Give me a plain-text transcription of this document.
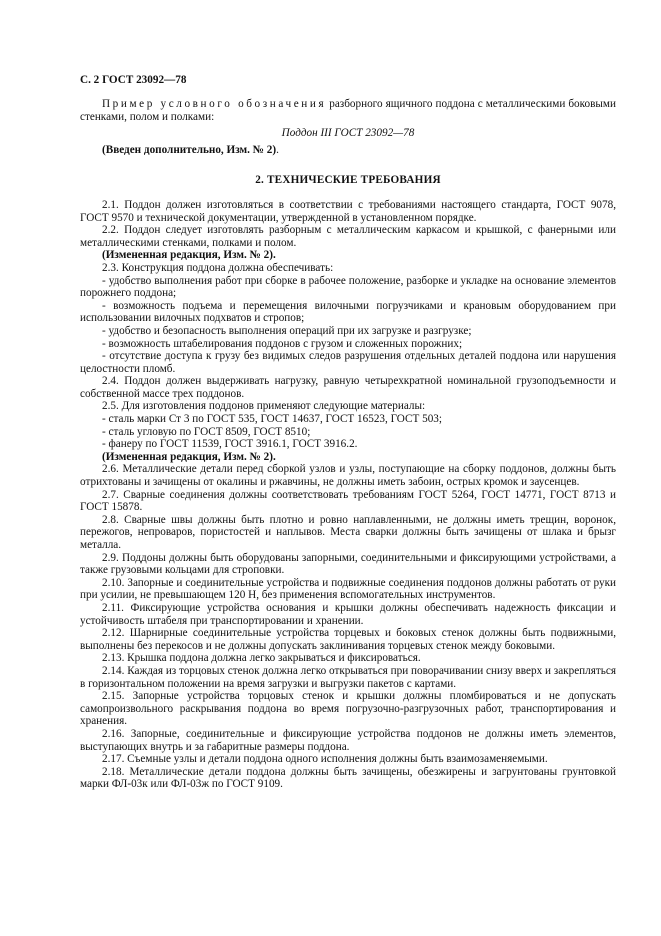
С. 2 ГОСТ 23092—78

Пример условного обозначения разборного ящичного поддона с металлическими боковыми стенками, полом и полками:

Поддон III ГОСТ 23092—78

(Введен дополнительно, Изм. № 2).

2. ТЕХНИЧЕСКИЕ ТРЕБОВАНИЯ

2.1. Поддон должен изготовляться в соответствии с требованиями настоящего стандарта, ГОСТ 9078, ГОСТ 9570 и технической документации, утвержденной в установленном порядке.

2.2. Поддон следует изготовлять разборным с металлическим каркасом и крышкой, с фанерными или металлическими стенками, полками и полом.

(Измененная редакция, Изм. № 2).

2.3. Конструкция поддона должна обеспечивать:

- удобство выполнения работ при сборке в рабочее положение, разборке и укладке на основание элементов порожнего поддона;

- возможность подъема и перемещения вилочными погрузчиками и крановым оборудованием при использовании вилочных подхватов и стропов;

- удобство и безопасность выполнения операций при их загрузке и разгрузке;

- возможность штабелирования поддонов с грузом и сложенных порожних;

- отсутствие доступа к грузу без видимых следов разрушения отдельных деталей поддона или нарушения целостности пломб.

2.4. Поддон должен выдерживать нагрузку, равную четырехкратной номинальной грузоподъемности и собственной массе трех поддонов.

2.5. Для изготовления поддонов применяют следующие материалы:

- сталь марки Ст 3 по ГОСТ 535, ГОСТ 14637, ГОСТ 16523, ГОСТ 503;

- сталь угловую по ГОСТ 8509, ГОСТ 8510;

- фанеру по ГОСТ 11539, ГОСТ 3916.1, ГОСТ 3916.2.

(Измененная редакция, Изм. № 2).

2.6. Металлические детали перед сборкой узлов и узлы, поступающие на сборку поддонов, должны быть отрихтованы и зачищены от окалины и ржавчины, не должны иметь забоин, острых кромок и заусенцев.

2.7. Сварные соединения должны соответствовать требованиям ГОСТ 5264, ГОСТ 14771, ГОСТ 8713 и ГОСТ 15878.

2.8. Сварные швы должны быть плотно и ровно наплавленными, не должны иметь трещин, воронок, пережогов, непроваров, пористостей и наплывов. Места сварки должны быть зачищены от шлака и брызг металла.

2.9. Поддоны должны быть оборудованы запорными, соединительными и фиксирующими устройствами, а также грузовыми кольцами для строповки.

2.10. Запорные и соединительные устройства и подвижные соединения поддонов должны работать от руки при усилии, не превышающем 120 Н, без применения вспомогательных инструментов.

2.11. Фиксирующие устройства основания и крышки должны обеспечивать надежность фиксации и устойчивость штабеля при транспортировании и хранении.

2.12. Шарнирные соединительные устройства торцевых и боковых стенок должны быть подвижными, выполнены без перекосов и не должны допускать заклинивания торцевых стенок между боковыми.

2.13. Крышка поддона должна легко закрываться и фиксироваться.

2.14. Каждая из торцовых стенок должна легко открываться при поворачивании снизу вверх и закрепляться в горизонтальном положении на время загрузки и выгрузки пакетов с картами.

2.15. Запорные устройства торцовых стенок и крышки должны пломбироваться и не допускать самопроизвольного раскрывания поддона во время погрузочно-разгрузочных работ, транспортирования и хранения.

2.16. Запорные, соединительные и фиксирующие устройства поддонов не должны иметь элементов, выступающих внутрь и за габаритные размеры поддона.

2.17. Съемные узлы и детали поддона одного исполнения должны быть взаимозаменяемыми.

2.18. Металлические детали поддона должны быть зачищены, обезжирены и загрунтованы грунтовкой марки ФЛ-03к или ФЛ-03ж по ГОСТ 9109.
